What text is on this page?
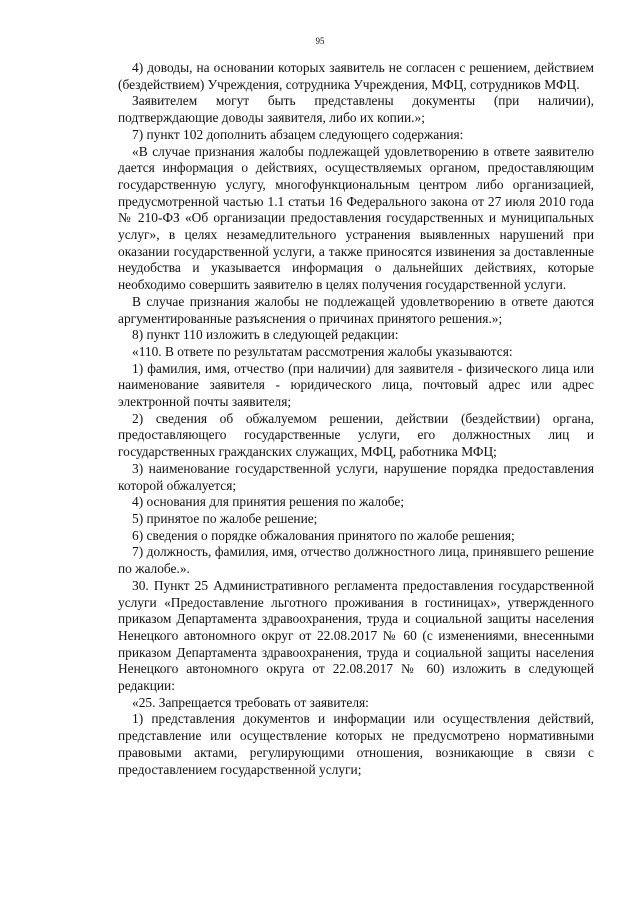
95

4) доводы, на основании которых заявитель не согласен с решением, действием (бездействием) Учреждения, сотрудника Учреждения, МФЦ, сотрудников МФЦ.

Заявителем могут быть представлены документы (при наличии), подтверждающие доводы заявителя, либо их копии.»;

7) пункт 102 дополнить абзацем следующего содержания:

«В случае признания жалобы подлежащей удовлетворению в ответе заявителю дается информация о действиях, осуществляемых органом, предоставляющим государственную услугу, многофункциональным центром либо организацией, предусмотренной частью 1.1 статьи 16 Федерального закона от 27 июля 2010 года № 210-ФЗ «Об организации предоставления государственных и муниципальных услуг», в целях незамедлительного устранения выявленных нарушений при оказании государственной услуги, а также приносятся извинения за доставленные неудобства и указывается информация о дальнейших действиях, которые необходимо совершить заявителю в целях получения государственной услуги.

В случае признания жалобы не подлежащей удовлетворению в ответе даются аргументированные разъяснения о причинах принятого решения.»;

8) пункт 110 изложить в следующей редакции:

«110. В ответе по результатам рассмотрения жалобы указываются:

1) фамилия, имя, отчество (при наличии) для заявителя - физического лица или наименование заявителя - юридического лица, почтовый адрес или адрес электронной почты заявителя;

2) сведения об обжалуемом решении, действии (бездействии) органа, предоставляющего государственные услуги, его должностных лиц и государственных гражданских служащих, МФЦ, работника МФЦ;

3) наименование государственной услуги, нарушение порядка предоставления которой обжалуется;

4) основания для принятия решения по жалобе;

5) принятое по жалобе решение;

6) сведения о порядке обжалования принятого по жалобе решения;

7) должность, фамилия, имя, отчество должностного лица, принявшего решение по жалобе.».

30. Пункт 25 Административного регламента предоставления государственной услуги «Предоставление льготного проживания в гостиницах», утвержденного приказом Департамента здравоохранения, труда и социальной защиты населения Ненецкого автономного округ от 22.08.2017 № 60 (с изменениями, внесенными приказом Департамента здравоохранения, труда и социальной защиты населения Ненецкого автономного округа от 22.08.2017 № 60) изложить в следующей редакции:

«25. Запрещается требовать от заявителя:

1) представления документов и информации или осуществления действий, представление или осуществление которых не предусмотрено нормативными правовыми актами, регулирующими отношения, возникающие в связи с предоставлением государственной услуги;
